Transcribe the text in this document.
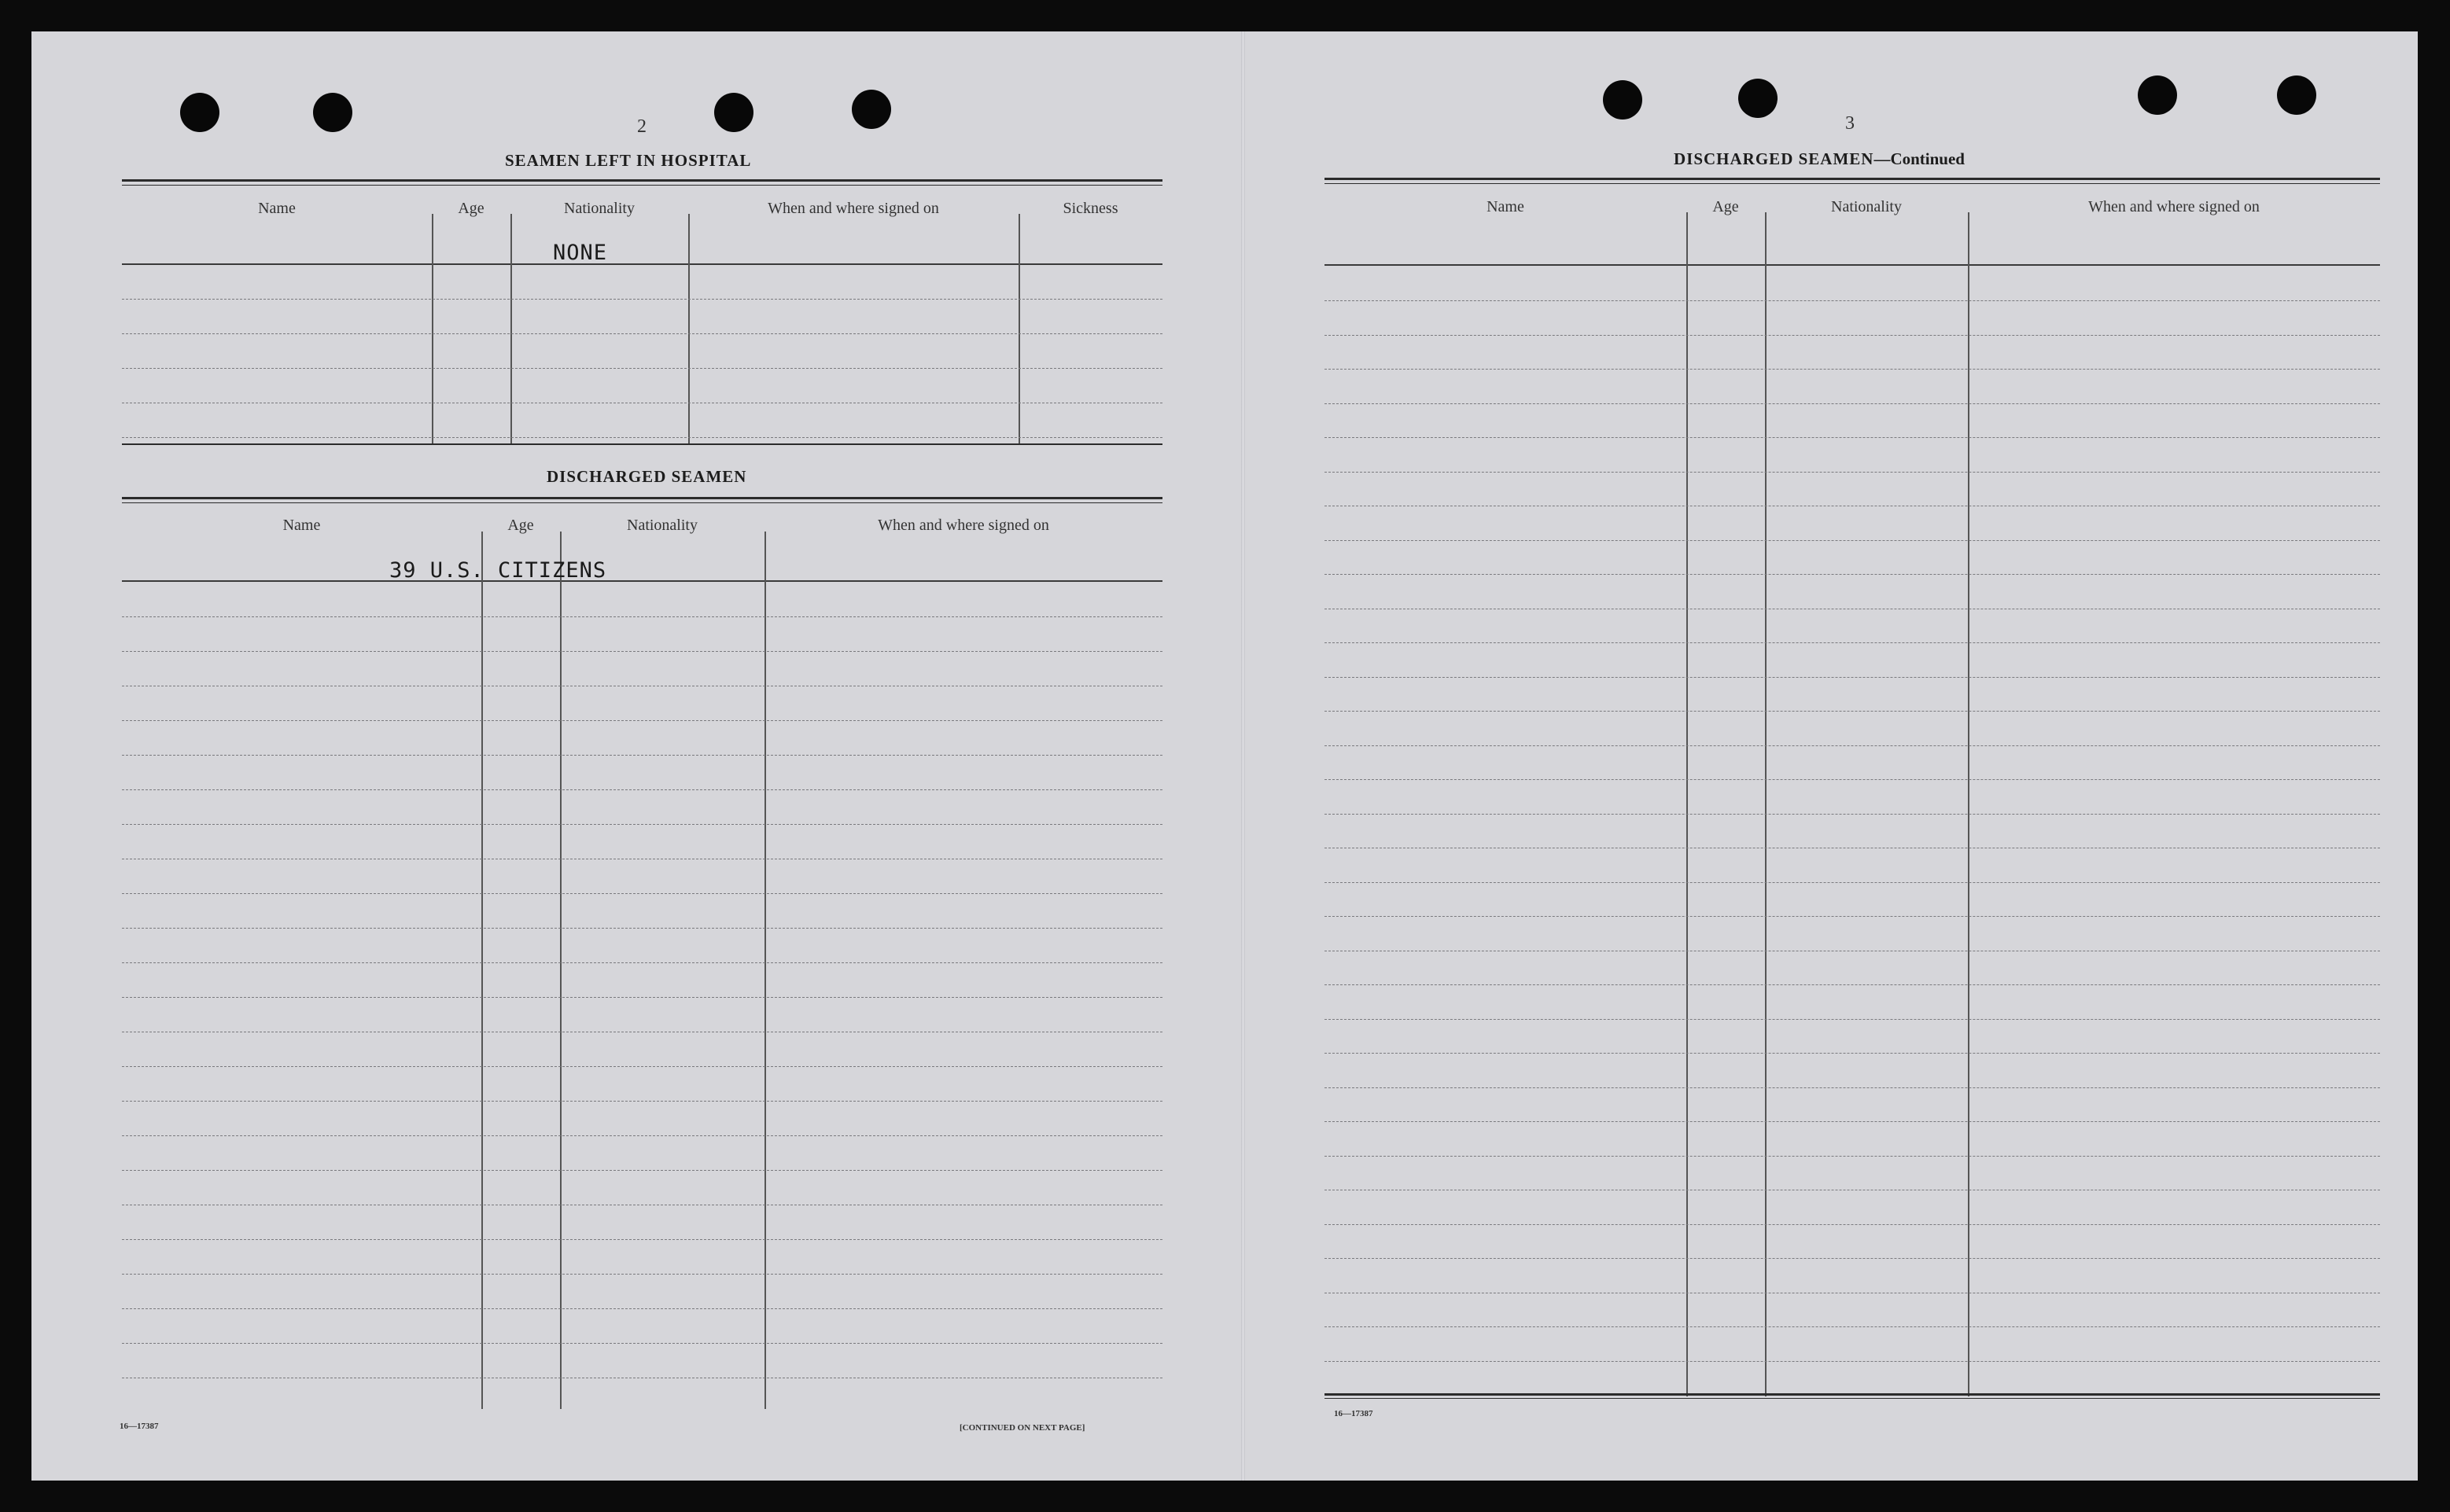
2
SEAMEN LEFT IN HOSPITAL
Name	Age	Nationality	When and where signed on	Sickness
NONE
DISCHARGED SEAMEN
Name	Age	Nationality	When and where signed on
39 U.S. CITIZENS
16—17387	[CONTINUED ON NEXT PAGE]
3
DISCHARGED SEAMEN—Continued
Name	Age	Nationality	When and where signed on
16—17387
